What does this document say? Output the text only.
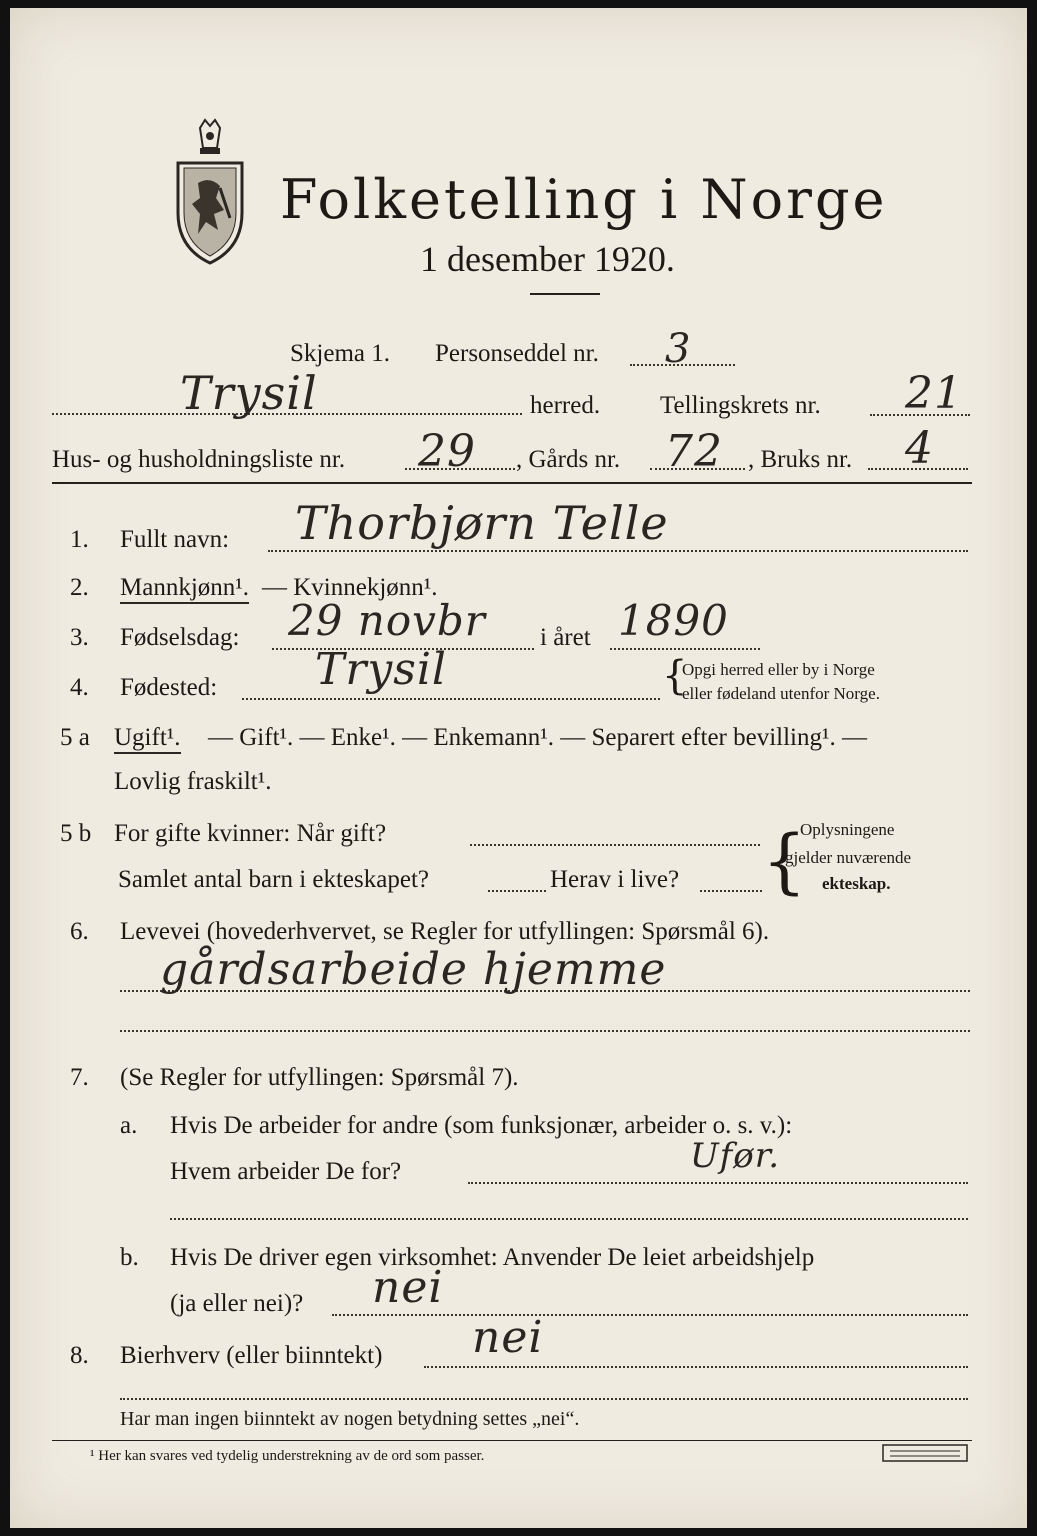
Folketelling i Norge
1 desember 1920.
Skjema 1. Personseddel nr. 3
Trysil	herred. Tellingskrets nr. 21
Hus- og husholdningsliste nr. 29 , Gårds nr. 72 , Bruks nr. 4
1. Fullt navn: Thorbjørn Telle
2. Mannkjønn¹. — Kvinnekjønn¹.
3. Fødselsdag: 29 novbr i året 1890
4. Fødested: Trysil	{
Opgi herred eller by i Norge
eller fødeland utenfor Norge.
5 a Ugift¹. — Gift¹. — Enke¹. — Enkemann¹. — Separert efter bevilling¹. —
Lovlig fraskilt¹.
5 b For gifte kvinner: Når gift?
Samlet antal barn i ekteskapet?	Herav i live? {
Oplysningene
gjelder nuværende
ekteskap.
6. Levevei (hovederhvervet, se Regler for utfyllingen: Spørsmål 6).
gårdsarbeide hjemme
7. (Se Regler for utfyllingen: Spørsmål 7).
a. Hvis De arbeider for andre (som funksjonær, arbeider o. s. v.):
Hvem arbeider De for?	Ufør.
b. Hvis De driver egen virksomhet: Anvender De leiet arbeidshjelp
(ja eller nei)? nei
8. Bierhverv (eller biinntekt) nei
Har man ingen biinntekt av nogen betydning settes „nei“.
¹ Her kan svares ved tydelig understrekning av de ord som passer.
